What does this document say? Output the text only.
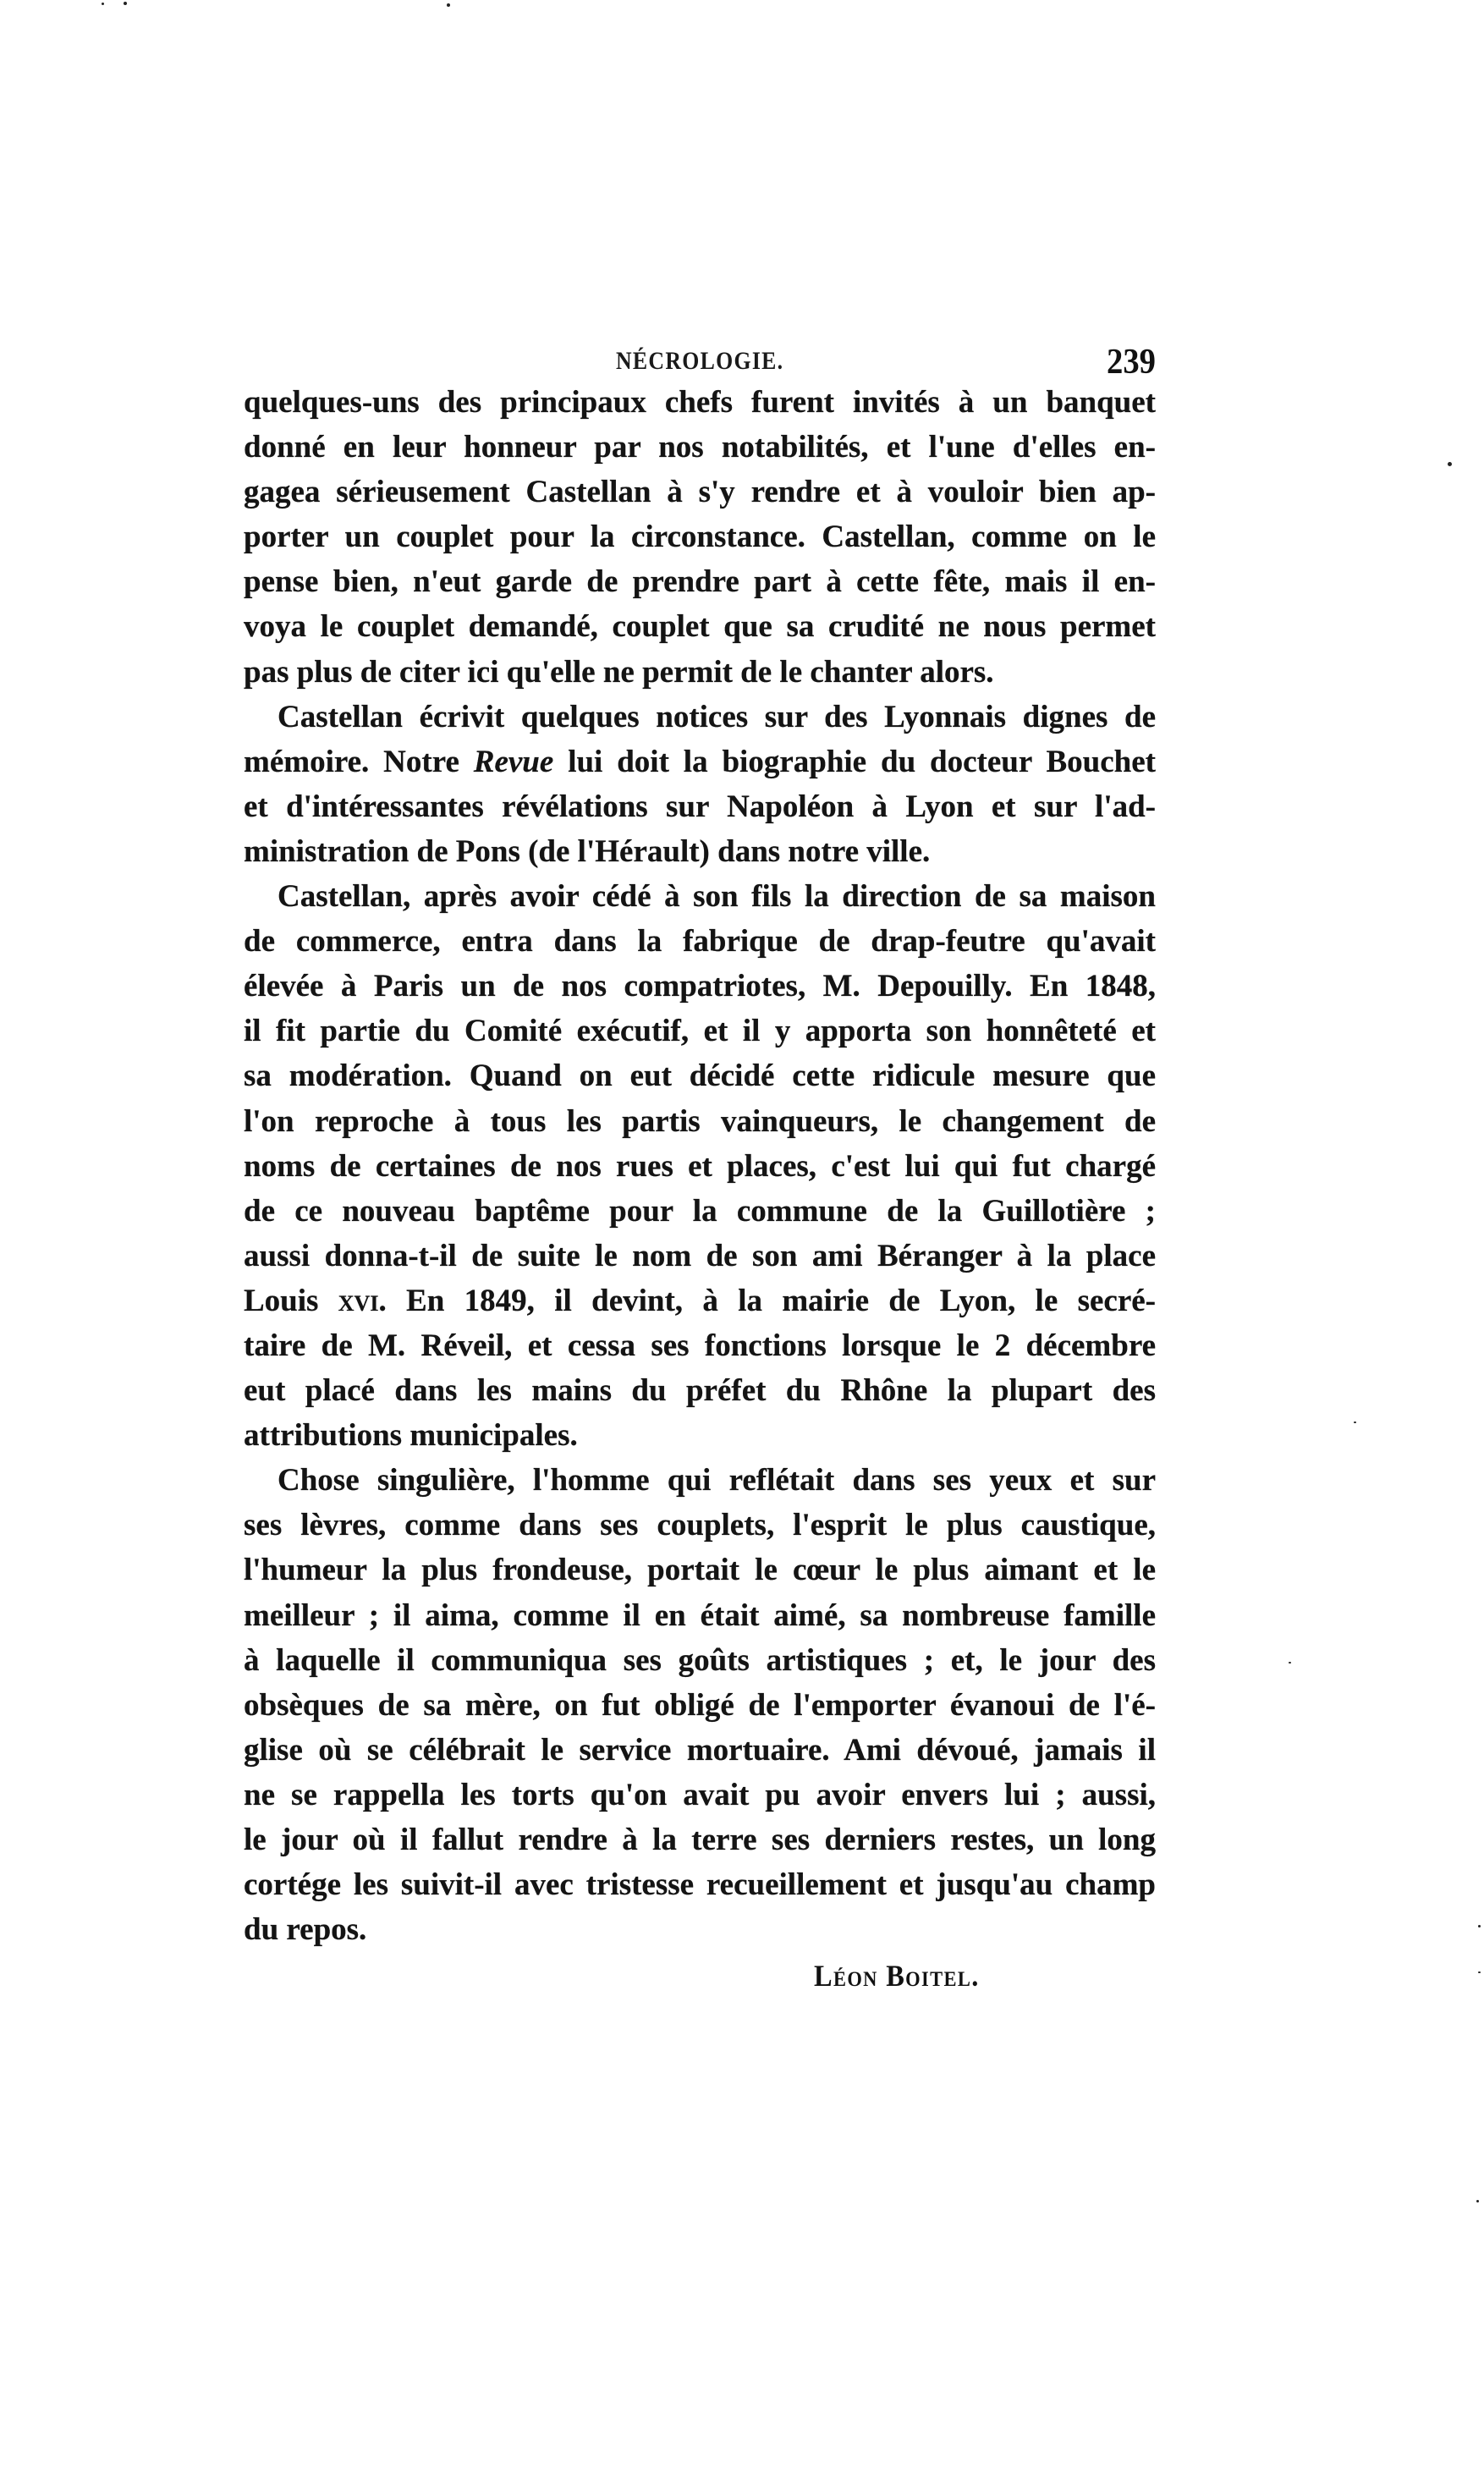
NÉCROLOGIE.	239
quelques-uns des principaux chefs furent invités à un banquet
donné en leur honneur par nos notabilités, et l'une d'elles en-
gagea sérieusement Castellan à s'y rendre et à vouloir bien ap-
porter un couplet pour la circonstance. Castellan, comme on le
pense bien, n'eut garde de prendre part à cette fête, mais il en-
voya le couplet demandé, couplet que sa crudité ne nous permet
pas plus de citer ici qu'elle ne permit de le chanter alors.
Castellan écrivit quelques notices sur des Lyonnais dignes de
mémoire. Notre Revue lui doit la biographie du docteur Bouchet
et d'intéressantes révélations sur Napoléon à Lyon et sur l'ad-
ministration de Pons (de l'Hérault) dans notre ville.
Castellan, après avoir cédé à son fils la direction de sa maison
de commerce, entra dans la fabrique de drap-feutre qu'avait
élevée à Paris un de nos compatriotes, M. Depouilly. En 1848,
il fit partie du Comité exécutif, et il y apporta son honnêteté et
sa modération. Quand on eut décidé cette ridicule mesure que
l'on reproche à tous les partis vainqueurs, le changement de
noms de certaines de nos rues et places, c'est lui qui fut chargé
de ce nouveau baptême pour la commune de la Guillotière ;
aussi donna-t-il de suite le nom de son ami Béranger à la place
Louis xvi. En 1849, il devint, à la mairie de Lyon, le secré-
taire de M. Réveil, et cessa ses fonctions lorsque le 2 décembre
eut placé dans les mains du préfet du Rhône la plupart des
attributions municipales.
Chose singulière, l'homme qui reflétait dans ses yeux et sur
ses lèvres, comme dans ses couplets, l'esprit le plus caustique,
l'humeur la plus frondeuse, portait le cœur le plus aimant et le
meilleur ; il aima, comme il en était aimé, sa nombreuse famille
à laquelle il communiqua ses goûts artistiques ; et, le jour des
obsèques de sa mère, on fut obligé de l'emporter évanoui de l'é-
glise où se célébrait le service mortuaire. Ami dévoué, jamais il
ne se rappella les torts qu'on avait pu avoir envers lui ; aussi,
le jour où il fallut rendre à la terre ses derniers restes, un long
cortége les suivit-il avec tristesse recueillement et jusqu'au champ
du repos.
Léon Boitel.
